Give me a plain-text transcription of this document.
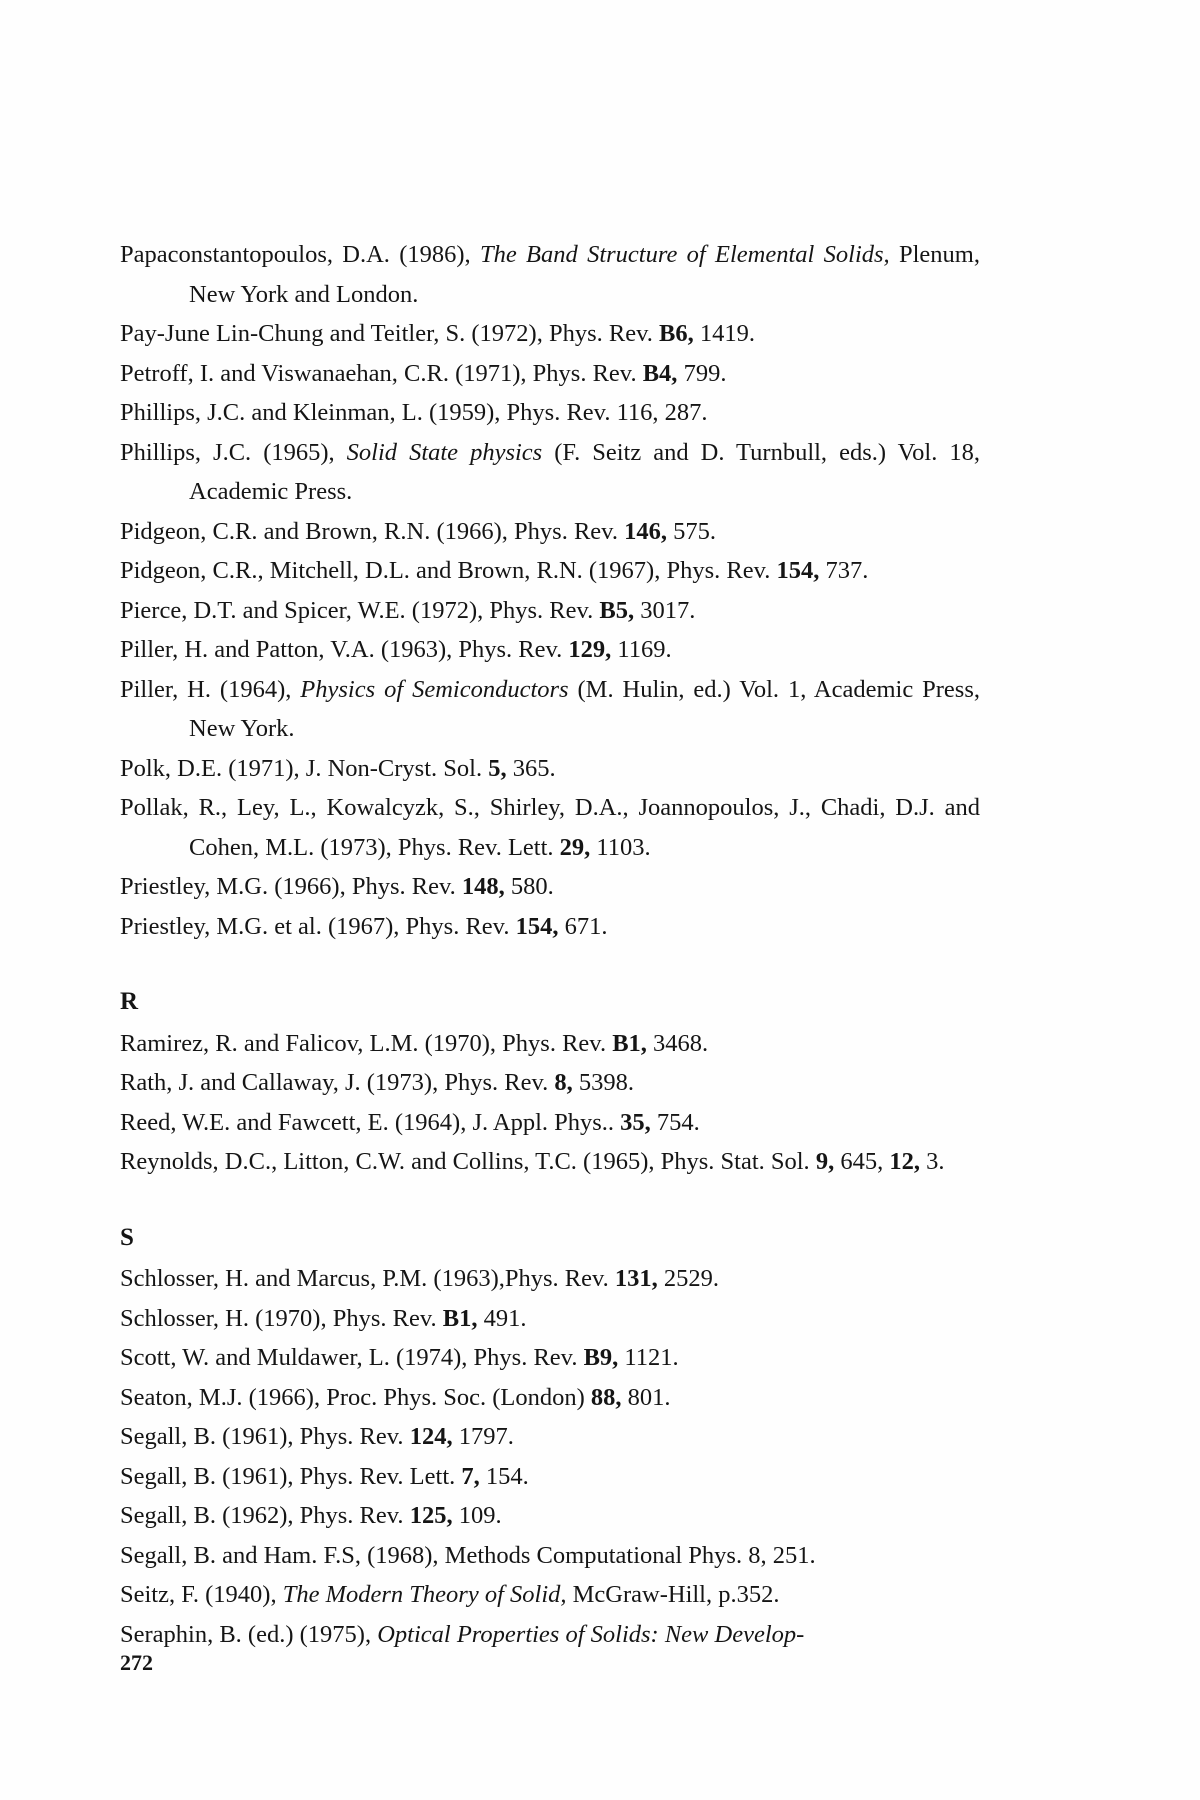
Papaconstantopoulos, D.A. (1986), The Band Structure of Elemental Solids, Plenum, New York and London.
Pay-June Lin-Chung and Teitler, S. (1972), Phys. Rev. B6, 1419.
Petroff, I. and Viswanaehan, C.R. (1971), Phys. Rev. B4, 799.
Phillips, J.C. and Kleinman, L. (1959), Phys. Rev. 116, 287.
Phillips, J.C. (1965), Solid State physics (F. Seitz and D. Turnbull, eds.) Vol. 18, Academic Press.
Pidgeon, C.R. and Brown, R.N. (1966), Phys. Rev. 146, 575.
Pidgeon, C.R., Mitchell, D.L. and Brown, R.N. (1967), Phys. Rev. 154, 737.
Pierce, D.T. and Spicer, W.E. (1972), Phys. Rev. B5, 3017.
Piller, H. and Patton, V.A. (1963), Phys. Rev. 129, 1169.
Piller, H. (1964), Physics of Semiconductors (M. Hulin, ed.) Vol. 1, Academic Press, New York.
Polk, D.E. (1971), J. Non-Cryst. Sol. 5, 365.
Pollak, R., Ley, L., Kowalcyzk, S., Shirley, D.A., Joannopoulos, J., Chadi, D.J. and Cohen, M.L. (1973), Phys. Rev. Lett. 29, 1103.
Priestley, M.G. (1966), Phys. Rev. 148, 580.
Priestley, M.G. et al. (1967), Phys. Rev. 154, 671.
R
Ramirez, R. and Falicov, L.M. (1970), Phys. Rev. B1, 3468.
Rath, J. and Callaway, J. (1973), Phys. Rev. 8, 5398.
Reed, W.E. and Fawcett, E. (1964), J. Appl. Phys.. 35, 754.
Reynolds, D.C., Litton, C.W. and Collins, T.C. (1965), Phys. Stat. Sol. 9, 645, 12, 3.
S
Schlosser, H. and Marcus, P.M. (1963),Phys. Rev. 131, 2529.
Schlosser, H. (1970), Phys. Rev. B1, 491.
Scott, W. and Muldawer, L. (1974), Phys. Rev. B9, 1121.
Seaton, M.J. (1966), Proc. Phys. Soc. (London) 88, 801.
Segall, B. (1961), Phys. Rev. 124, 1797.
Segall, B. (1961), Phys. Rev. Lett. 7, 154.
Segall, B. (1962), Phys. Rev. 125, 109.
Segall, B. and Ham. F.S, (1968), Methods Computational Phys. 8, 251.
Seitz, F. (1940), The Modern Theory of Solid, McGraw-Hill, p.352.
Seraphin, B. (ed.) (1975), Optical Properties of Solids: New Develop-
272
